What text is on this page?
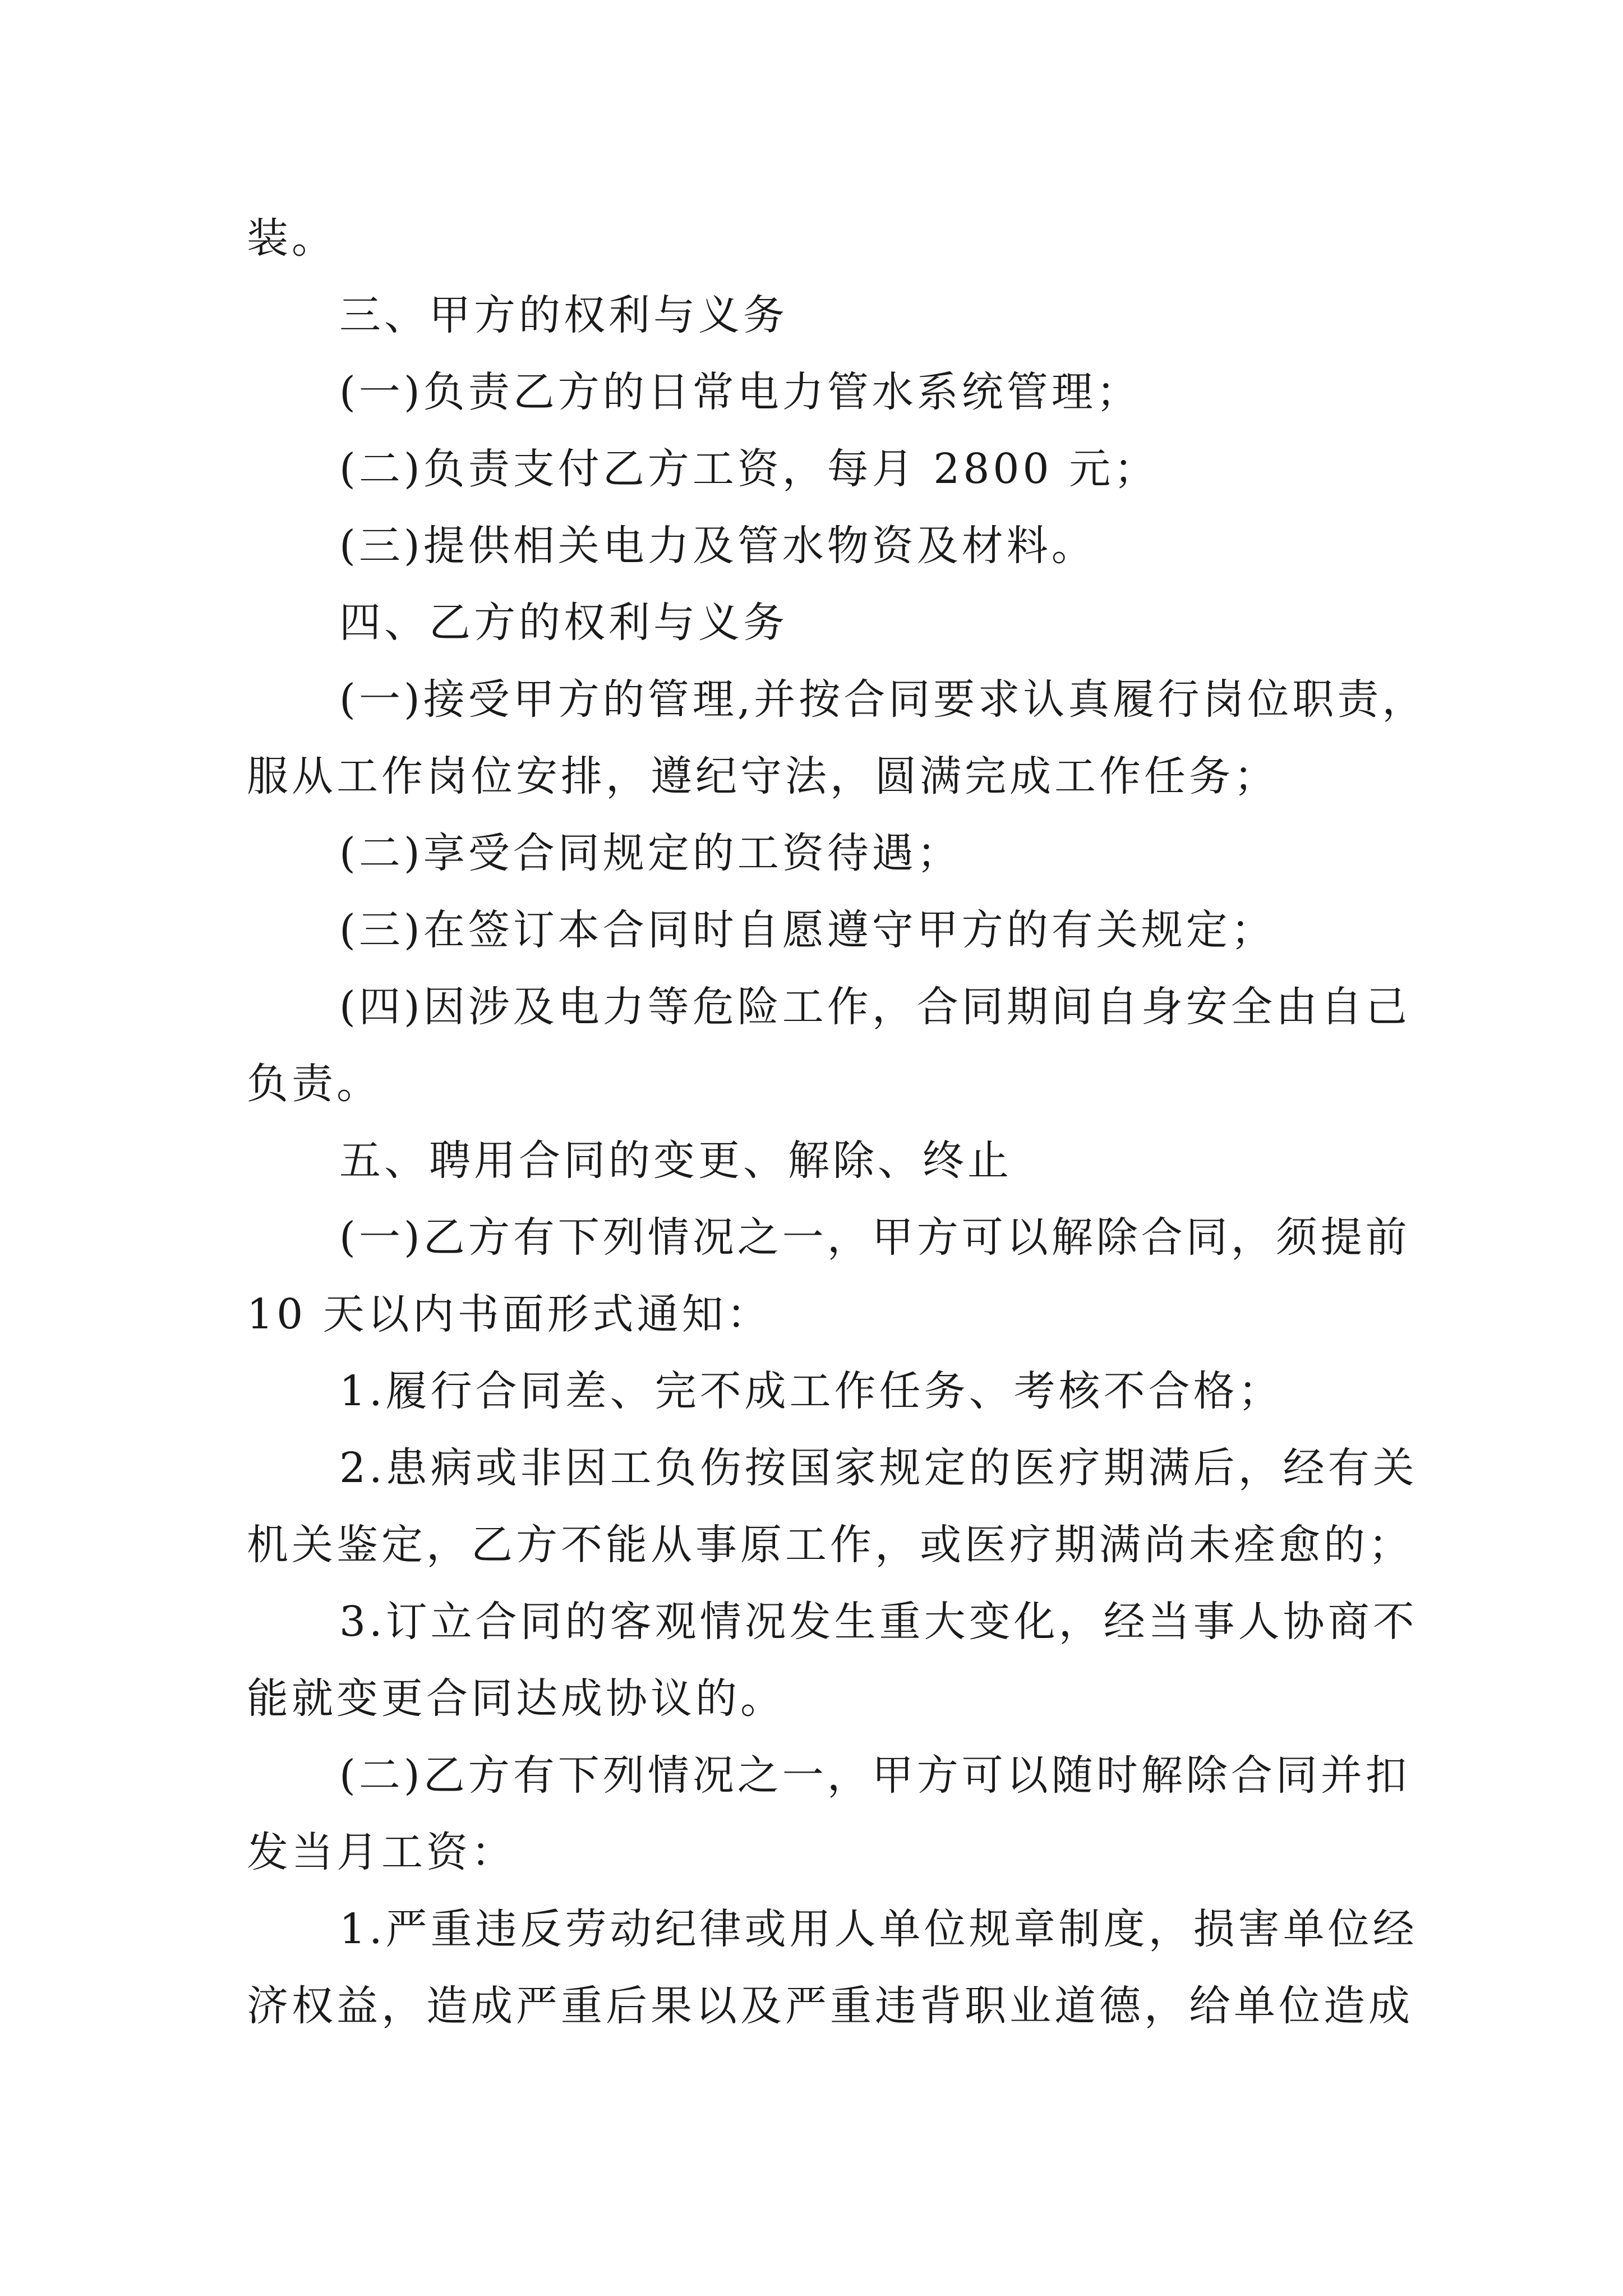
装。
三、甲方的权利与义务
(一)负责乙方的日常电力管水系统管理；
(二)负责支付乙方工资，每月 2800 元；
(三)提供相关电力及管水物资及材料。
四、乙方的权利与义务
(一)接受甲方的管理,并按合同要求认真履行岗位职责，
服从工作岗位安排，遵纪守法，圆满完成工作任务；
(二)享受合同规定的工资待遇；
(三)在签订本合同时自愿遵守甲方的有关规定；
(四)因涉及电力等危险工作，合同期间自身安全由自己
负责。
五、聘用合同的变更、解除、终止
(一)乙方有下列情况之一，甲方可以解除合同，须提前
10 天以内书面形式通知：
1.履行合同差、完不成工作任务、考核不合格；
2.患病或非因工负伤按国家规定的医疗期满后，经有关
机关鉴定，乙方不能从事原工作，或医疗期满尚未痊愈的；
3.订立合同的客观情况发生重大变化，经当事人协商不
能就变更合同达成协议的。
(二)乙方有下列情况之一，甲方可以随时解除合同并扣
发当月工资：
1.严重违反劳动纪律或用人单位规章制度，损害单位经
济权益，造成严重后果以及严重违背职业道德，给单位造成
